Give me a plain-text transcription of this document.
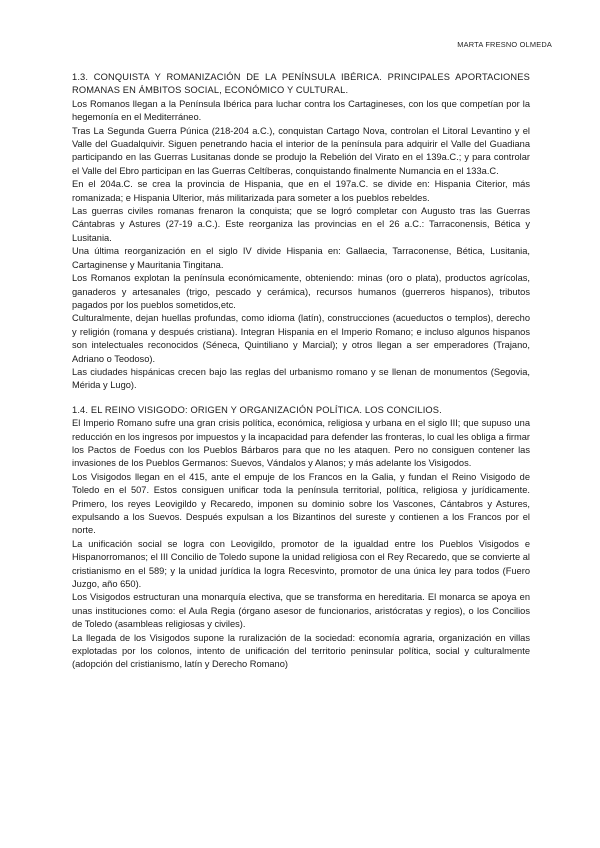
MARTA FRESNO OLMEDA
1.3. CONQUISTA Y ROMANIZACIÓN DE LA PENÍNSULA IBÉRICA. PRINCIPALES APORTACIONES ROMANAS EN ÁMBITOS SOCIAL, ECONÓMICO Y CULTURAL.

Los Romanos llegan a la Península Ibérica para luchar contra los Cartagineses, con los que competían por la hegemonía en el Mediterráneo.

Tras La Segunda Guerra Púnica (218-204 a.C.), conquistan Cartago Nova, controlan el Litoral Levantino y el Valle del Guadalquivir. Siguen penetrando hacia el interior de la península para adquirir el Valle del Guadiana participando en las Guerras Lusitanas donde se produjo la Rebelión del Virato en el 139a.C.; y para controlar el Valle del Ebro participan en las Guerras Celtíberas, conquistando finalmente Numancia en el 133a.C.

En el 204a.C. se crea la provincia de Hispania, que en el 197a.C. se divide en: Hispania Citerior, más romanizada; e Hispania Ulterior, más militarizada para someter a los pueblos rebeldes.

Las guerras civiles romanas frenaron la conquista; que se logró completar con Augusto tras las Guerras Cántabras y Astures (27-19 a.C.). Este reorganiza las provincias en el 26 a.C.: Tarraconensis, Bética y Lusitania.

Una última reorganización en el siglo IV divide Hispania en: Gallaecia, Tarraconense, Bética, Lusitania, Cartaginense y Mauritania Tingitana.

Los Romanos explotan la península económicamente, obteniendo: minas (oro o plata), productos agrícolas, ganaderos y artesanales (trigo, pescado y cerámica), recursos humanos (guerreros hispanos), tributos pagados por los pueblos sometidos,etc.

Culturalmente, dejan huellas profundas, como idioma (latín), construcciones (acueductos o templos), derecho y religión (romana y después cristiana). Integran Hispania en el Imperio Romano; e incluso algunos hispanos son intelectuales reconocidos (Séneca, Quintiliano y Marcial); y otros llegan a ser emperadores (Trajano, Adriano o Teodoso).

Las ciudades hispánicas crecen bajo las reglas del urbanismo romano y se llenan de monumentos (Segovia, Mérida y Lugo).

1.4. EL REINO VISIGODO: ORIGEN Y ORGANIZACIÓN POLÍTICA. LOS CONCILIOS.

El Imperio Romano sufre una gran crisis política, económica, religiosa y urbana en el siglo III; que supuso una reducción en los ingresos por impuestos y la incapacidad para defender las fronteras, lo cual les obliga a firmar los Pactos de Foedus con los Pueblos Bárbaros para que no les ataquen. Pero no consiguen contener las invasiones de los Pueblos Germanos: Suevos, Vándalos y Alanos; y más adelante los Visigodos.

Los Visigodos llegan en el 415, ante el empuje de los Francos en la Galia, y fundan el Reino Visigodo de Toledo en el 507. Estos consiguen unificar toda la península territorial, política, religiosa y jurídicamente. Primero, los reyes Leovigildo y Recaredo, imponen su dominio sobre los Vascones, Cántabros y Astures, expulsando a los Suevos. Después expulsan a los Bizantinos del sureste y contienen a los Francos por el norte.

La unificación social se logra con Leovigildo, promotor de la igualdad entre los Pueblos Visigodos e Hispanorromanos; el III Concilio de Toledo supone la unidad religiosa con el Rey Recaredo, que se convierte al cristianismo en el 589; y la unidad jurídica la logra Recesvinto, promotor de una única ley para todos (Fuero Juzgo, año 650).

Los Visigodos estructuran una monarquía electiva, que se transforma en hereditaria. El monarca se apoya en unas instituciones como: el Aula Regia (órgano asesor de funcionarios, aristócratas y regios), o los Concilios de Toledo (asambleas religiosas y civiles).

La llegada de los Visigodos supone la ruralización de la sociedad: economía agraria, organización en villas explotadas por los colonos, intento de unificación del territorio peninsular política, social y culturalmente (adopción del cristianismo, latín y Derecho Romano)
